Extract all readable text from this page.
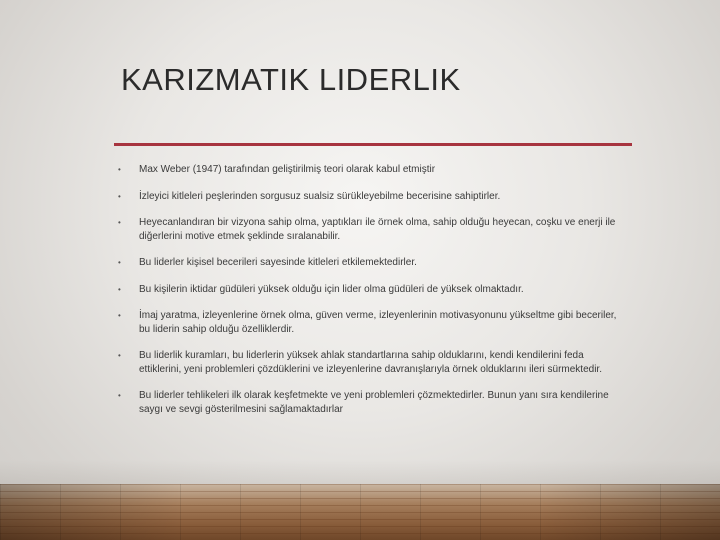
KARIZMATIK LIDERLIK
• Max Weber (1947) tarafından geliştirilmiş teori olarak kabul etmiştir
• İzleyici kitleleri peşlerinden sorgusuz sualsiz sürükleyebilme becerisine sahiptirler.
• Heyecanlandıran bir vizyona sahip olma, yaptıkları ile örnek olma, sahip olduğu heyecan, coşku ve enerji ile diğerlerini motive etmek şeklinde sıralanabilir.
• Bu liderler kişisel becerileri sayesinde kitleleri etkilemektedirler.
• Bu kişilerin iktidar güdüleri yüksek olduğu için lider olma güdüleri de yüksek olmaktadır.
• İmaj yaratma, izleyenlerine örnek olma, güven verme, izleyenlerinin motivasyonunu yükseltme gibi beceriler, bu liderin sahip olduğu özelliklerdir.
• Bu liderlik kuramları, bu liderlerin yüksek ahlak standartlarına sahip olduklarını, kendi kendilerini feda ettiklerini, yeni problemleri çözdüklerini ve izleyenlerine davranışlarıyla örnek olduklarını ileri sürmektedir.
• Bu liderler tehlikeleri ilk olarak keşfetmekte ve yeni problemleri çözmektedirler. Bunun yanı sıra kendilerine saygı ve sevgi gösterilmesini sağlamaktadırlar
